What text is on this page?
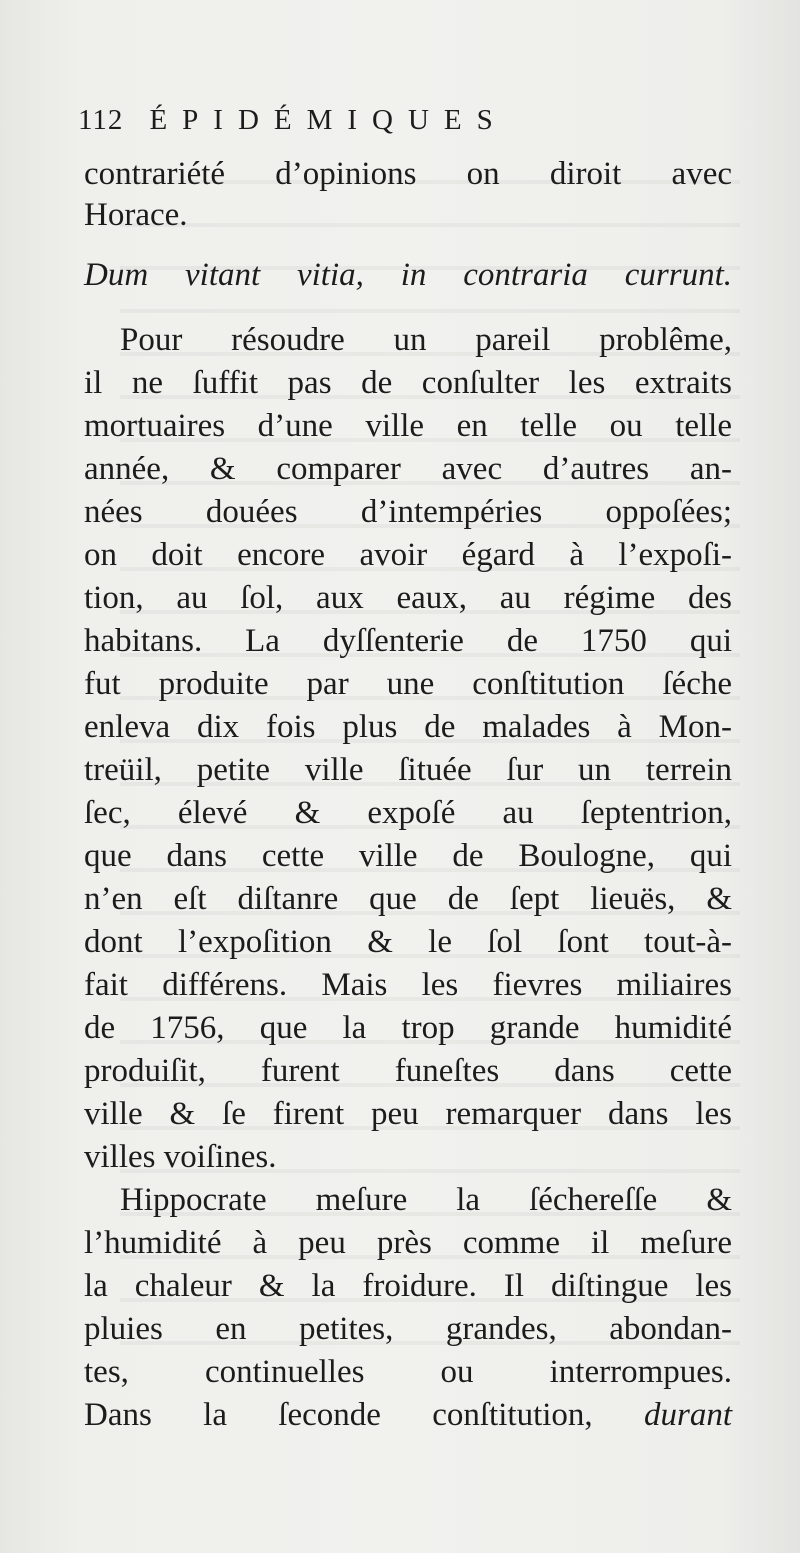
112 ÉPIDÉMIQUES
contrariété d’opinions on diroit avec
Horace.
Dum vitant vitia, in contraria currunt.
Pour résoudre un pareil problême,
il ne ſuffit pas de conſulter les extraits
mortuaires d’une ville en telle ou telle
année, & comparer avec d’autres an-
nées douées d’intempéries oppoſées;
on doit encore avoir égard à l’expoſi-
tion, au ſol, aux eaux, au régime des
habitans. La dyſſenterie de 1750 qui
fut produite par une conſtitution ſéche
enleva dix fois plus de malades à Mon-
treüil, petite ville ſituée ſur un terrein
ſec, élevé & expoſé au ſeptentrion,
que dans cette ville de Boulogne, qui
n’en eſt diſtanre que de ſept lieuës, &
dont l’expoſition & le ſol ſont tout-à-
fait différens. Mais les fievres miliaires
de 1756, que la trop grande humidité
produiſit, furent funeſtes dans cette
ville & ſe firent peu remarquer dans les
villes voiſines.
Hippocrate meſure la ſéchereſſe &
l’humidité à peu près comme il meſure
la chaleur & la froidure. Il diſtingue les
pluies en petites, grandes, abondan-
tes, continuelles ou interrompues.
Dans la ſeconde conſtitution, durant
